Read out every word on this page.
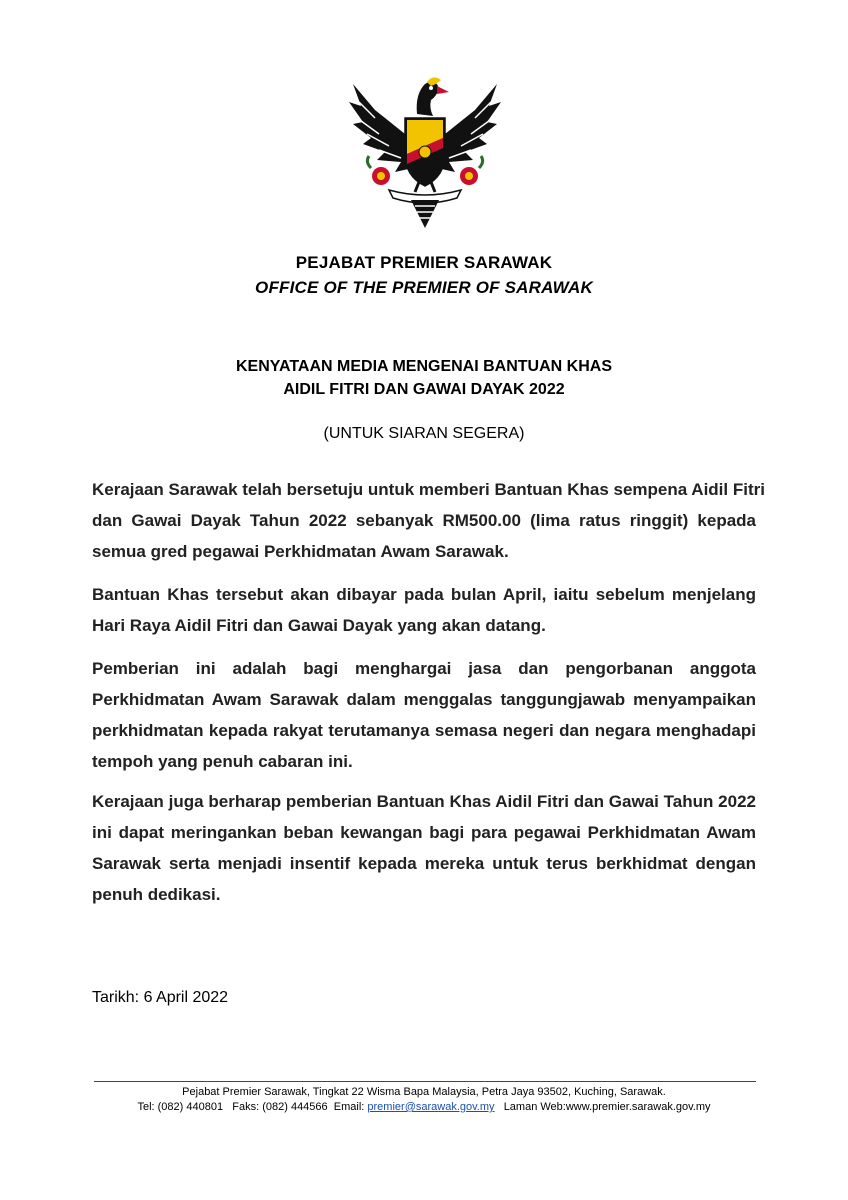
PEJABAT PREMIER SARAWAK
OFFICE OF THE PREMIER OF SARAWAK
KENYATAAN MEDIA MENGENAI BANTUAN KHAS
AIDIL FITRI DAN GAWAI DAYAK 2022
(UNTUK SIARAN SEGERA)
Kerajaan Sarawak telah bersetuju untuk memberi Bantuan Khas sempena Aidil Fitri
dan Gawai Dayak Tahun 2022 sebanyak RM500.00 (lima ratus ringgit) kepada
semua gred pegawai Perkhidmatan Awam Sarawak.
Bantuan Khas tersebut akan dibayar pada bulan April, iaitu sebelum menjelang
Hari Raya Aidil Fitri dan Gawai Dayak yang akan datang.
Pemberian ini adalah bagi menghargai jasa dan pengorbanan anggota
Perkhidmatan Awam Sarawak dalam menggalas tanggungjawab menyampaikan
perkhidmatan kepada rakyat terutamanya semasa negeri dan negara menghadapi
tempoh yang penuh cabaran ini.
Kerajaan juga berharap pemberian Bantuan Khas Aidil Fitri dan Gawai Tahun 2022
ini dapat meringankan beban kewangan bagi para pegawai Perkhidmatan Awam
Sarawak serta menjadi insentif kepada mereka untuk terus berkhidmat dengan
penuh dedikasi.
Tarikh: 6 April 2022
Pejabat Premier Sarawak, Tingkat 22 Wisma Bapa Malaysia, Petra Jaya 93502, Kuching, Sarawak.
Tel: (082) 440801 Faks: (082) 444566 Email: premier@sarawak.gov.my Laman Web:www.premier.sarawak.gov.my
